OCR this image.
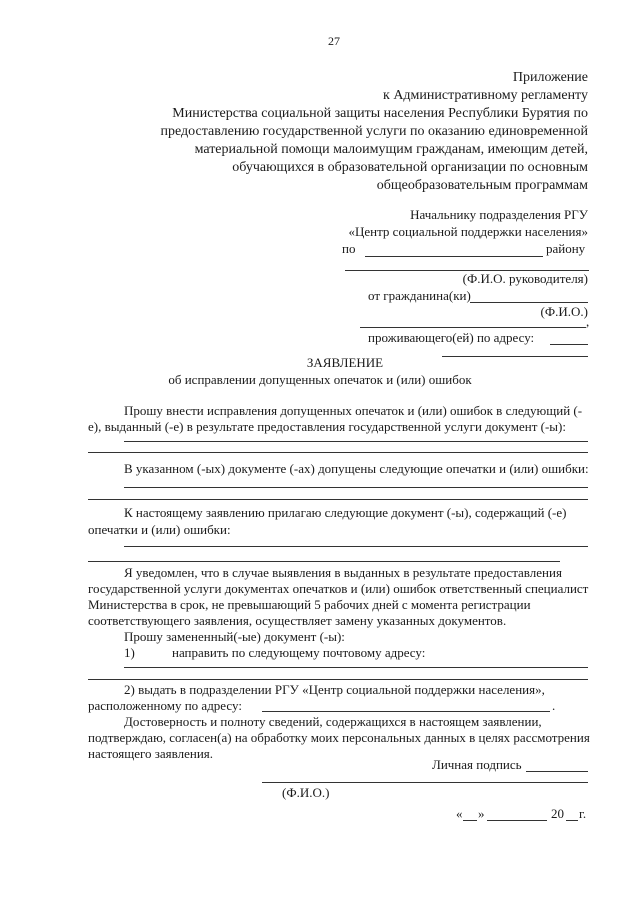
27
Приложение
к Административному регламенту
Министерства социальной защиты населения Республики Бурятия по
предоставлению государственной услуги по оказанию единовременной
материальной помощи малоимущим гражданам, имеющим детей,
обучающихся в образовательной организации по основным
общеобразовательным программам
Начальнику подразделения РГУ
«Центр социальной поддержки населения»
по	району
(Ф.И.О. руководителя)
от гражданина(ки)
(Ф.И.О.)
,
проживающего(ей) по адресу:
ЗАЯВЛЕНИЕ
об исправлении допущенных опечаток и (или) ошибок
Прошу внести исправления допущенных опечаток и (или) ошибок в следующий (-
е), выданный (-е) в результате предоставления государственной услуги документ (-ы):
В указанном (-ых) документе (-ах) допущены следующие опечатки и (или) ошибки:
К настоящему заявлению прилагаю следующие документ (-ы), содержащий (-е)
опечатки и (или) ошибки:
Я уведомлен, что в случае выявления в выданных в результате предоставления
государственной услуги документах опечатков и (или) ошибок ответственный специалист
Министерства в срок, не превышающий 5 рабочих дней с момента регистрации
соответствующего заявления, осуществляет замену указанных документов.
Прошу замененный(-ые) документ (-ы):
1)	направить по следующему почтовому адресу:
2) выдать в подразделении РГУ «Центр социальной поддержки населения»,
расположенному по адресу:	.
Достоверность и полноту сведений, содержащихся в настоящем заявлении,
подтверждаю, согласен(а) на обработку моих персональных данных в целях рассмотрения
настоящего заявления.
Личная подпись
(Ф.И.О.)
« »	20 г.
